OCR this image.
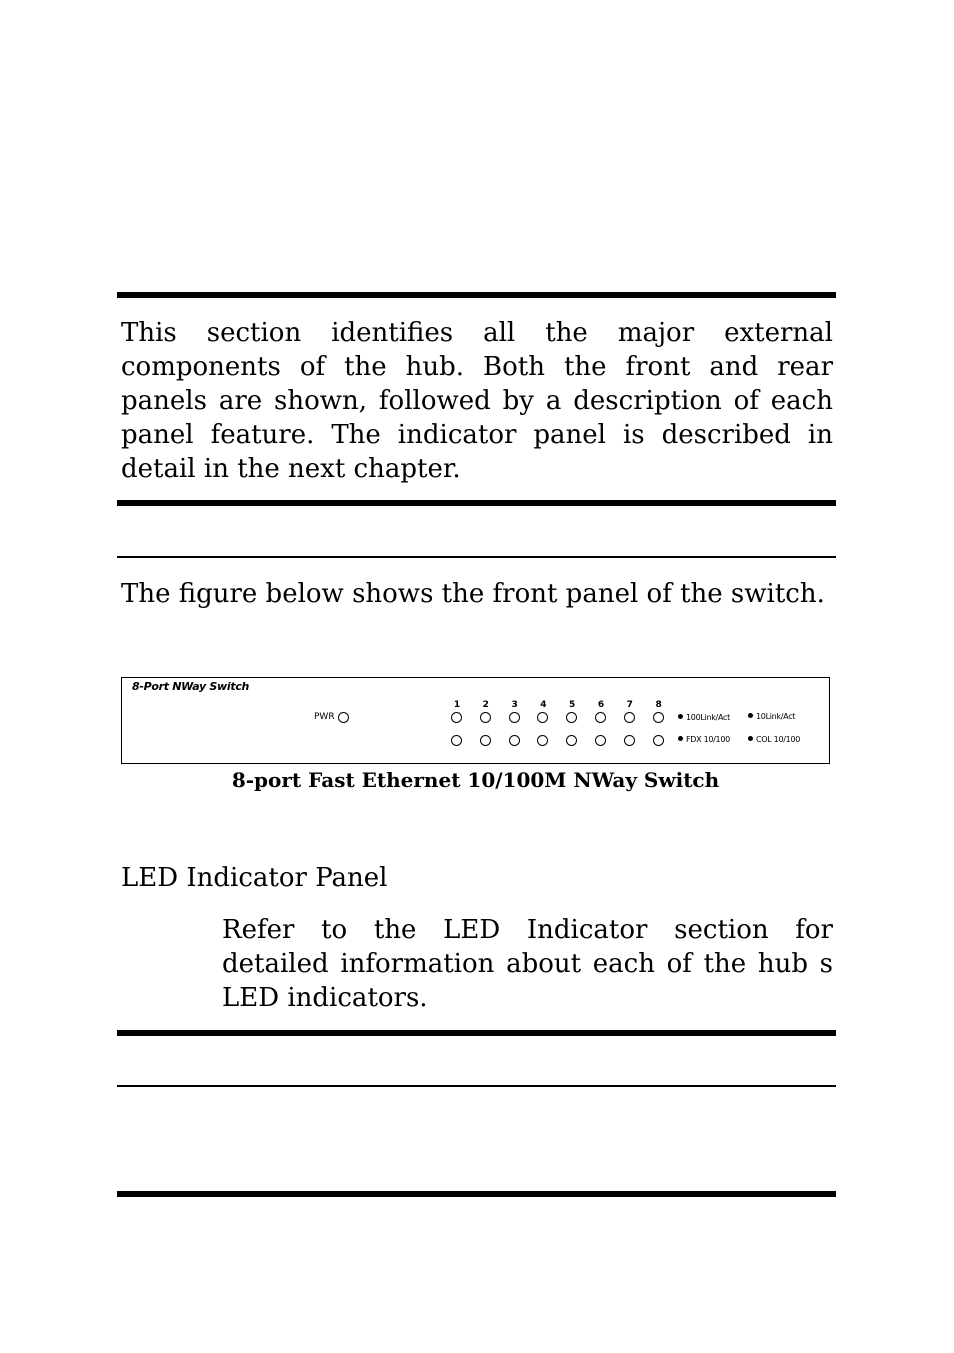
This section identifies all the major external components of the hub. Both the front and rear panels are shown, followed by a description of each panel feature. The indicator panel is described in detail in the next chapter.

The figure below shows the front panel of the switch.

8-Port NWay Switch
PWR
1	2	3	4	5	6	7	8
100Link/Act	10Link/Act
FDX 10/100	COL 10/100
8-port Fast Ethernet 10/100M NWay Switch

LED Indicator Panel

Refer to the LED Indicator section for detailed information about each of the hub s LED indicators.
